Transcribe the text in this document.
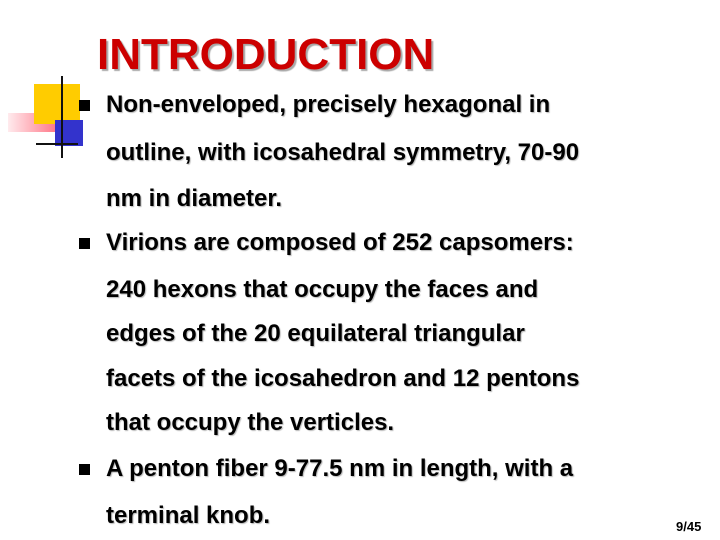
INTRODUCTION
Non-enveloped, precisely hexagonal in
outline, with icosahedral symmetry, 70-90
nm in diameter.
Virions are composed of 252 capsomers:
240 hexons that occupy the faces and
edges of the 20 equilateral triangular
facets of the icosahedron and 12 pentons
that occupy the verticles.
A penton fiber 9-77.5 nm in length, with a
terminal knob.	9/45
